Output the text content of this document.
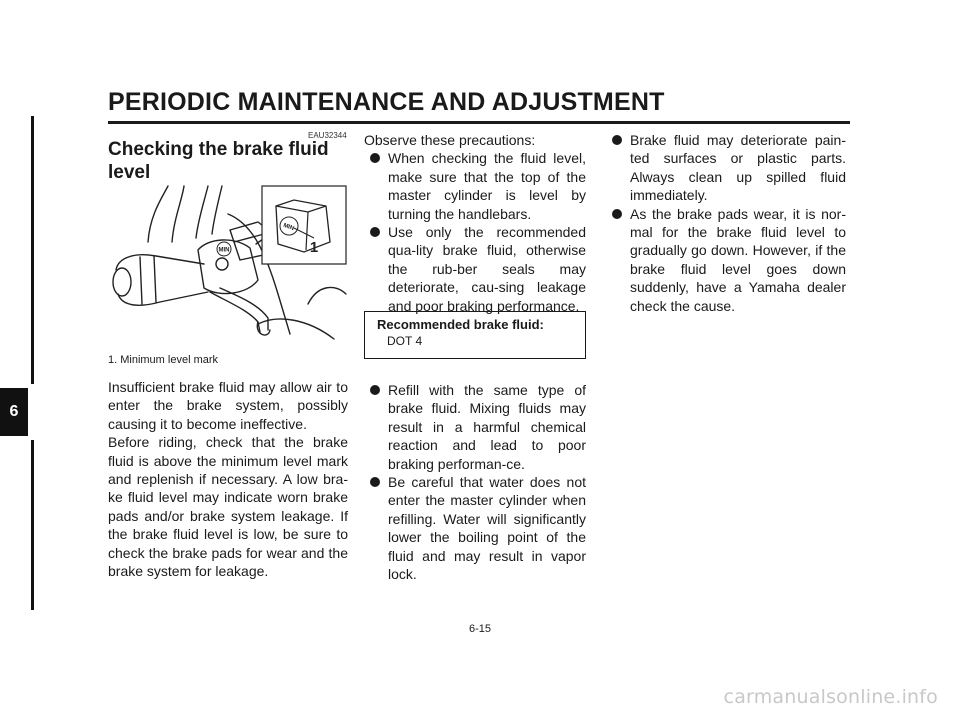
PERIODIC MAINTENANCE AND ADJUSTMENT
6
EAU32344
Checking the brake fluid level
MIN
MIN
1
1. Minimum level mark

Insufficient brake fluid may allow air to enter the brake system, possibly causing it to become ineffective.

Before riding, check that the brake fluid is above the minimum level mark and replenish if necessary. A low bra-ke fluid level may indicate worn brake pads and/or brake system leakage. If the brake fluid level is low, be sure to check the brake pads for wear and the brake system for leakage.

Observe these precautions:

When checking the fluid level, make sure that the top of the master cylinder is level by turning the handlebars.
Use only the recommended qua-lity brake fluid, otherwise the rub-ber seals may deteriorate, cau-sing leakage and poor braking performance.
Recommended brake fluid:
DOT 4
Refill with the same type of brake fluid. Mixing fluids may result in a harmful chemical reaction and lead to poor braking performan-ce.
Be careful that water does not enter the master cylinder when refilling. Water will significantly lower the boiling point of the fluid and may result in vapor lock.
Brake fluid may deteriorate pain-ted surfaces or plastic parts. Always clean up spilled fluid immediately.
As the brake pads wear, it is nor-mal for the brake fluid level to gradually go down. However, if the brake fluid level goes down suddenly, have a Yamaha dealer check the cause.
6-15
carmanualsonline.info
